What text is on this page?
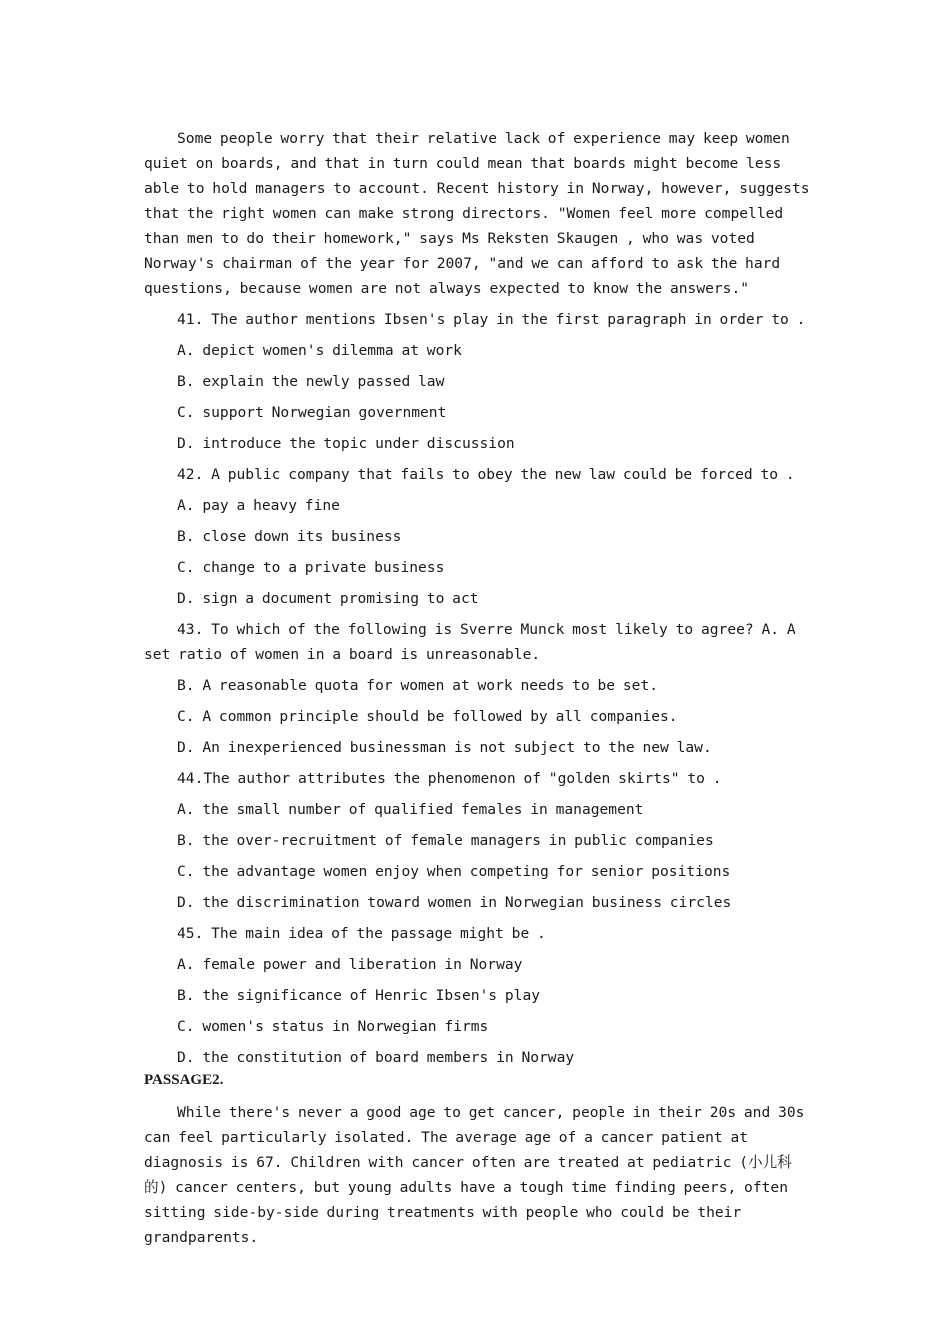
Some people worry that their relative lack of experience may keep women quiet on boards, and that in turn could mean that boards might become less able to hold managers to account. Recent history in Norway, however, suggests that the right women can make strong directors. "Women feel more compelled than men to do their homework," says Ms Reksten Skaugen , who was voted Norway's chairman of the year for 2007, "and we can afford to ask the hard questions, because women are not always expected to know the answers."

41. The author mentions Ibsen's play in the first paragraph in order to .

A. depict women's dilemma at work

B. explain the newly passed law

C. support Norwegian government

D. introduce the topic under discussion

42. A public company that fails to obey the new law could be forced to .

A. pay a heavy fine

B. close down its business

C. change to a private business

D. sign a document promising to act

43. To which of the following is Sverre Munck most likely to agree? A. A set ratio of women in a board is unreasonable.

B. A reasonable quota for women at work needs to be set.

C. A common principle should be followed by all companies.

D. An inexperienced businessman is not subject to the new law.

44.The author attributes the phenomenon of "golden skirts" to .

A. the small number of qualified females in management

B. the over-recruitment of female managers in public companies

C. the advantage women enjoy when competing for senior positions

D. the discrimination toward women in Norwegian business circles

45. The main idea of the passage might be .

A. female power and liberation in Norway

B. the significance of Henric Ibsen's play

C. women's status in Norwegian firms

D. the constitution of board members in Norway

PASSAGE2.

While there's never a good age to get cancer, people in their 20s and 30s can feel particularly isolated. The average age of a cancer patient at diagnosis is 67. Children with cancer often are treated at pediatric (小儿科的) cancer centers, but young adults have a tough time finding peers, often sitting side-by-side during treatments with people who could be their grandparents.
